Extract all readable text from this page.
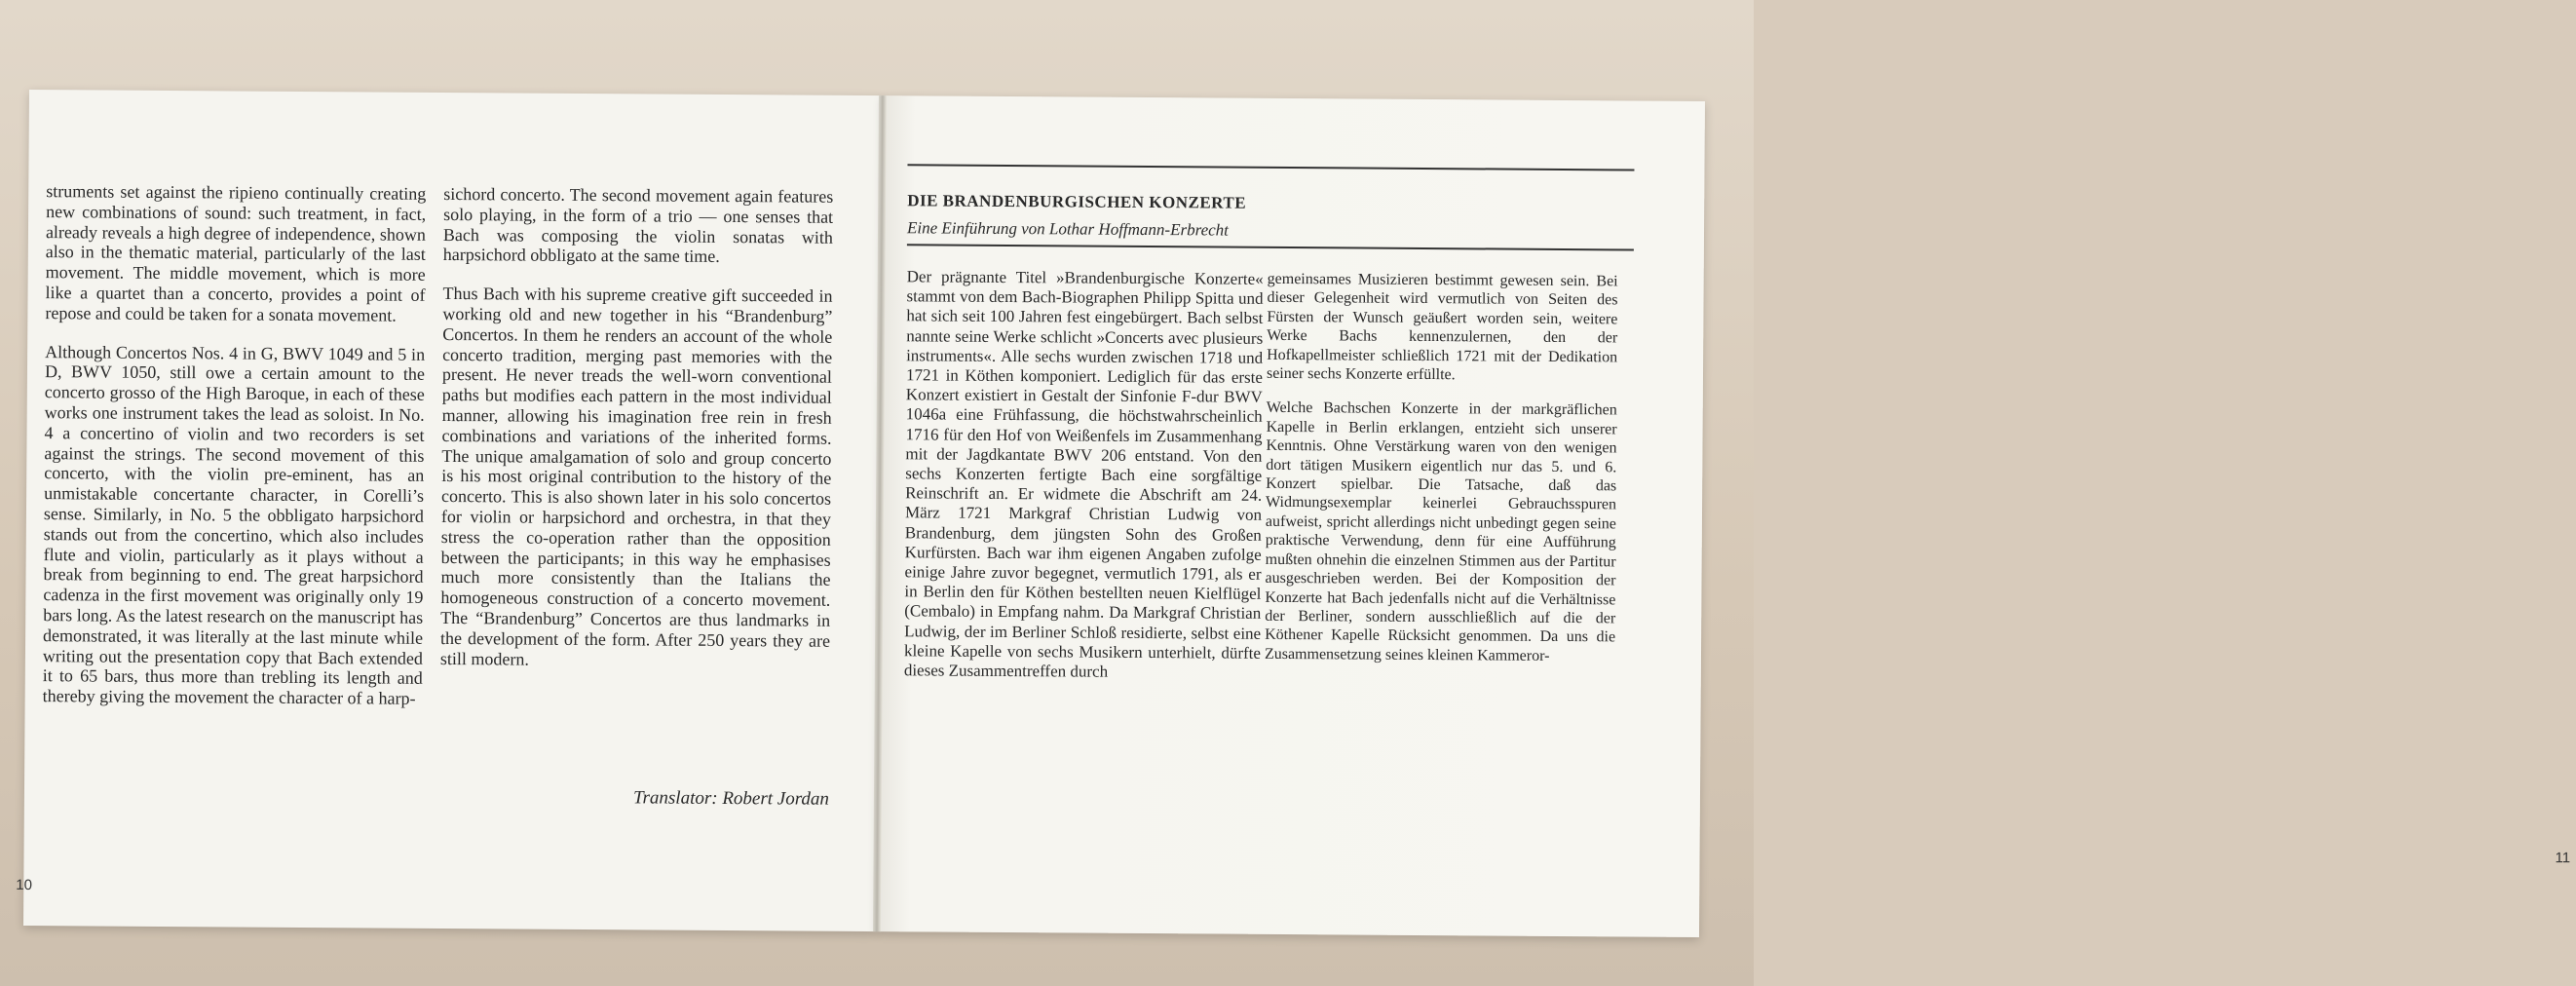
struments set against the ripieno continually creating new combinations of sound: such treatment, in fact, already reveals a high degree of independence, shown also in the thematic material, particularly of the last movement. The middle movement, which is more like a quartet than a concerto, provides a point of repose and could be taken for a sonata movement.

Although Concertos Nos. 4 in G, BWV 1049 and 5 in D, BWV 1050, still owe a certain amount to the concerto grosso of the High Baroque, in each of these works one instrument takes the lead as soloist. In No. 4 a concertino of violin and two recorders is set against the strings. The second movement of this concerto, with the violin pre-eminent, has an unmistakable concertante character, in Corelli’s sense. Similarly, in No. 5 the obbligato harpsichord stands out from the concertino, which also includes flute and violin, particularly as it plays without a break from beginning to end. The great harpsichord cadenza in the first movement was originally only 19 bars long. As the latest research on the manuscript has demonstrated, it was literally at the last minute while writing out the presentation copy that Bach extended it to 65 bars, thus more than trebling its length and thereby giving the movement the character of a harp-

sichord concerto. The second movement again features solo playing, in the form of a trio — one senses that Bach was composing the violin sonatas with harpsichord obbligato at the same time.

Thus Bach with his supreme creative gift succeeded in working old and new together in his “Brandenburg” Concertos. In them he renders an account of the whole concerto tradition, merging past memories with the present. He never treads the well-worn conventional paths but modifies each pattern in the most individual manner, allowing his imagination free rein in fresh combinations and variations of the inherited forms. The unique amalgamation of solo and group concerto is his most original contribution to the history of the concerto. This is also shown later in his solo concertos for violin or harpsichord and orchestra, in that they stress the co-operation rather than the opposition between the participants; in this way he emphasises much more consistently than the Italians the homogeneous construction of a concerto movement. The “Brandenburg” Concertos are thus landmarks in the development of the form. After 250 years they are still modern.

Translator: Robert Jordan
10
DIE BRANDENBURGISCHEN KONZERTE
Eine Einführung von Lothar Hoffmann-Erbrecht

Der prägnante Titel »Brandenburgische Konzerte« stammt von dem Bach-Biographen Philipp Spitta und hat sich seit 100 Jahren fest eingebürgert. Bach selbst nannte seine Werke schlicht »Concerts avec plusieurs instruments«. Alle sechs wurden zwischen 1718 und 1721 in Köthen komponiert. Lediglich für das erste Konzert existiert in Gestalt der Sinfonie F-dur BWV 1046a eine Frühfassung, die höchstwahrscheinlich 1716 für den Hof von Weißenfels im Zusammenhang mit der Jagdkantate BWV 206 entstand. Von den sechs Konzerten fertigte Bach eine sorgfältige Reinschrift an. Er widmete die Abschrift am 24. März 1721 Markgraf Christian Ludwig von Brandenburg, dem jüngsten Sohn des Großen Kurfürsten. Bach war ihm eigenen Angaben zufolge einige Jahre zuvor begegnet, vermutlich 1791, als er in Berlin den für Köthen bestellten neuen Kielflügel (Cembalo) in Empfang nahm. Da Markgraf Christian Ludwig, der im Berliner Schloß residierte, selbst eine kleine Kapelle von sechs Musikern unterhielt, dürfte dieses Zusammentreffen durch

gemeinsames Musizieren bestimmt gewesen sein. Bei dieser Gelegenheit wird vermutlich von Seiten des Fürsten der Wunsch geäußert worden sein, weitere Werke Bachs kennenzulernen, den der Hofkapellmeister schließlich 1721 mit der Dedikation seiner sechs Konzerte erfüllte.

Welche Bachschen Konzerte in der markgräflichen Kapelle in Berlin erklangen, entzieht sich unserer Kenntnis. Ohne Verstärkung waren von den wenigen dort tätigen Musikern eigentlich nur das 5. und 6. Konzert spielbar. Die Tatsache, daß das Widmungsexemplar keinerlei Gebrauchsspuren aufweist, spricht allerdings nicht unbedingt gegen seine praktische Verwendung, denn für eine Aufführung mußten ohnehin die einzelnen Stimmen aus der Partitur ausgeschrieben werden. Bei der Komposition der Konzerte hat Bach jedenfalls nicht auf die Verhältnisse der Berliner, sondern ausschließlich auf die der Köthener Kapelle Rücksicht genommen. Da uns die Zusammensetzung seines kleinen Kammeror-

11
